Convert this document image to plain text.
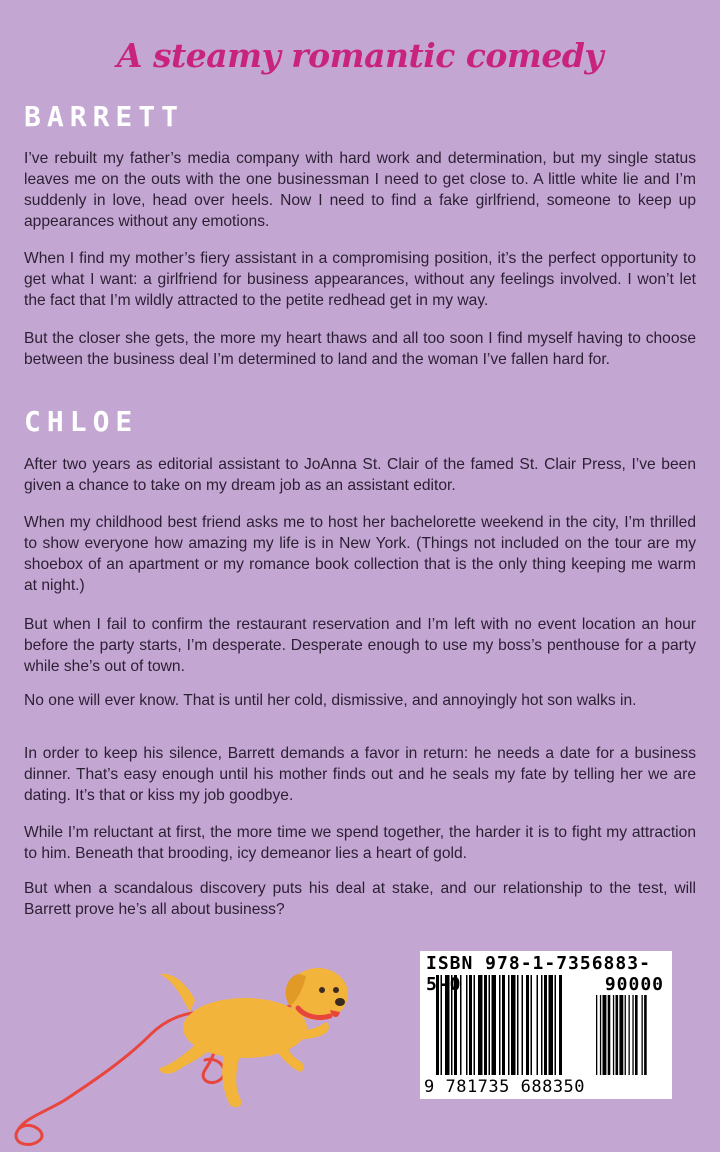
A steamy romantic comedy
BARRETT

I’ve rebuilt my father’s media company with hard work and determination, but my single status leaves me on the outs with the one businessman I need to get close to. A little white lie and I’m suddenly in love, head over heels. Now I need to find a fake girlfriend, someone to keep up appearances without any emotions.

When I find my mother’s fiery assistant in a compromising position, it’s the perfect opportunity to get what I want: a girlfriend for business appearances, without any feelings involved. I won’t let the fact that I’m wildly attracted to the petite redhead get in my way.

But the closer she gets, the more my heart thaws and all too soon I find myself having to choose between the business deal I’m determined to land and the woman I’ve fallen hard for.

CHLOE

After two years as editorial assistant to JoAnna St. Clair of the famed St. Clair Press, I’ve been given a chance to take on my dream job as an assistant editor.

When my childhood best friend asks me to host her bachelorette weekend in the city, I’m thrilled to show everyone how amazing my life is in New York. (Things not included on the tour are my shoebox of an apartment or my romance book collection that is the only thing keeping me warm at night.)

But when I fail to confirm the restaurant reservation and I’m left with no event location an hour before the party starts, I’m desperate. Desperate enough to use my boss’s penthouse for a party while she’s out of town.

No one will ever know. That is until her cold, dismissive, and annoyingly hot son walks in.

In order to keep his silence, Barrett demands a favor in return: he needs a date for a business dinner. That’s easy enough until his mother finds out and he seals my fate by telling her we are dating. It’s that or kiss my job goodbye.

While I’m reluctant at first, the more time we spend together, the harder it is to fight my attraction to him. Beneath that brooding, icy demeanor lies a heart of gold.

But when a scandalous discovery puts his deal at stake, and our relationship to the test, will Barrett prove he’s all about business?

ISBN 978-1-7356883-5-0	90000
9 781735 688350
